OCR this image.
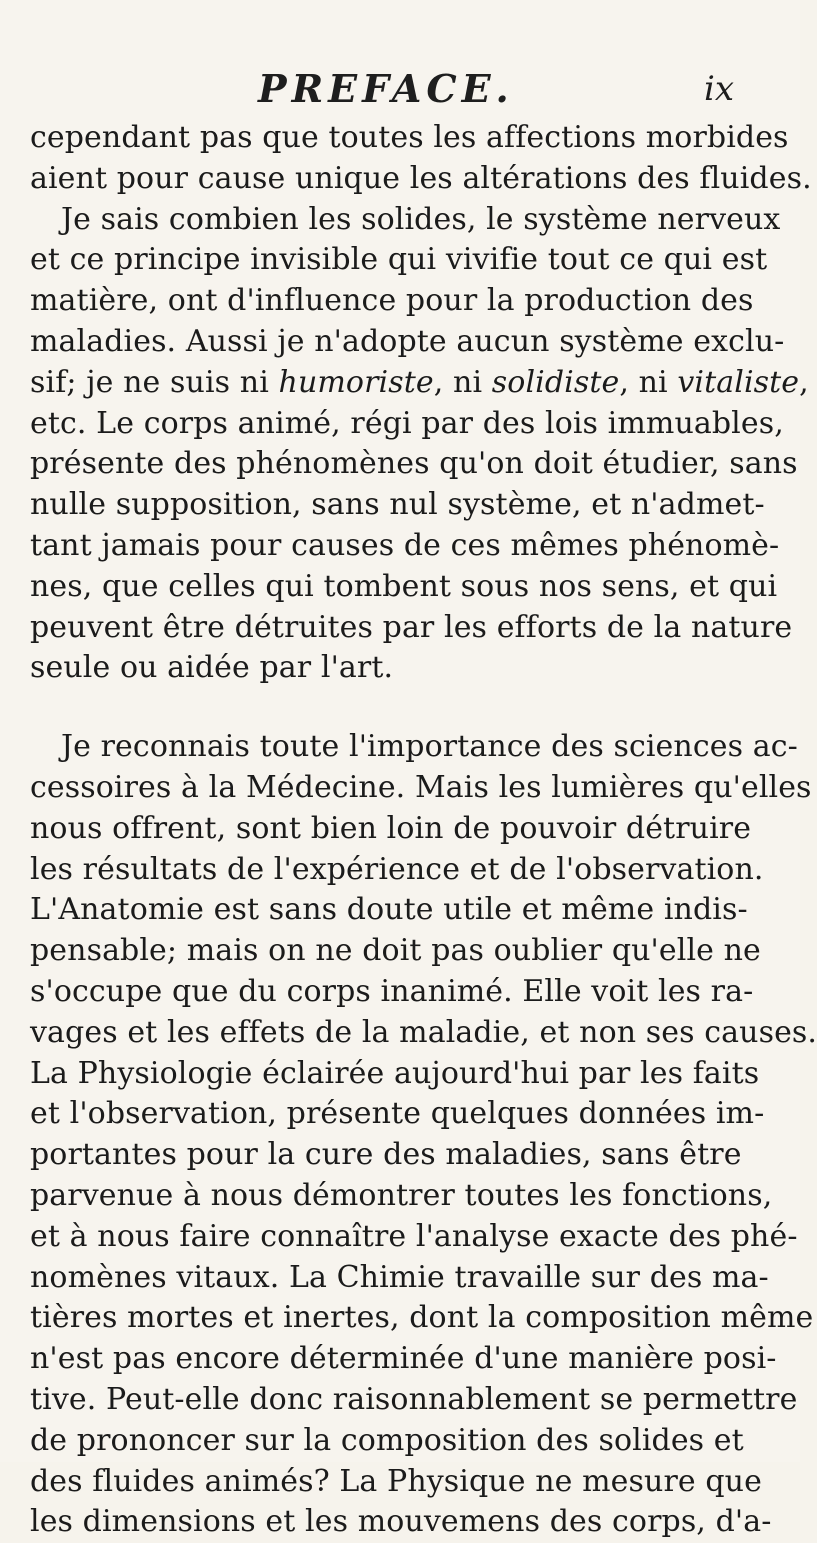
PREFACE.	ix
cependant pas que toutes les affections morbides
aient pour cause unique les altérations des fluides.
Je sais combien les solides, le système nerveux
et ce principe invisible qui vivifie tout ce qui est
matière, ont d'influence pour la production des
maladies. Aussi je n'adopte aucun système exclu-
sif; je ne suis ni humoriste, ni solidiste, ni vitaliste,
etc. Le corps animé, régi par des lois immuables,
présente des phénomènes qu'on doit étudier, sans
nulle supposition, sans nul système, et n'admet-
tant jamais pour causes de ces mêmes phénomè-
nes, que celles qui tombent sous nos sens, et qui
peuvent être détruites par les efforts de la nature
seule ou aidée par l'art.
Je reconnais toute l'importance des sciences ac-
cessoires à la Médecine. Mais les lumières qu'elles
nous offrent, sont bien loin de pouvoir détruire
les résultats de l'expérience et de l'observation.
L'Anatomie est sans doute utile et même indis-
pensable; mais on ne doit pas oublier qu'elle ne
s'occupe que du corps inanimé. Elle voit les ra-
vages et les effets de la maladie, et non ses causes.
La Physiologie éclairée aujourd'hui par les faits
et l'observation, présente quelques données im-
portantes pour la cure des maladies, sans être
parvenue à nous démontrer toutes les fonctions,
et à nous faire connaître l'analyse exacte des phé-
nomènes vitaux. La Chimie travaille sur des ma-
tières mortes et inertes, dont la composition même
n'est pas encore déterminée d'une manière posi-
tive. Peut-elle donc raisonnablement se permettre
de prononcer sur la composition des solides et
des fluides animés? La Physique ne mesure que
les dimensions et les mouvemens des corps, d'a-
